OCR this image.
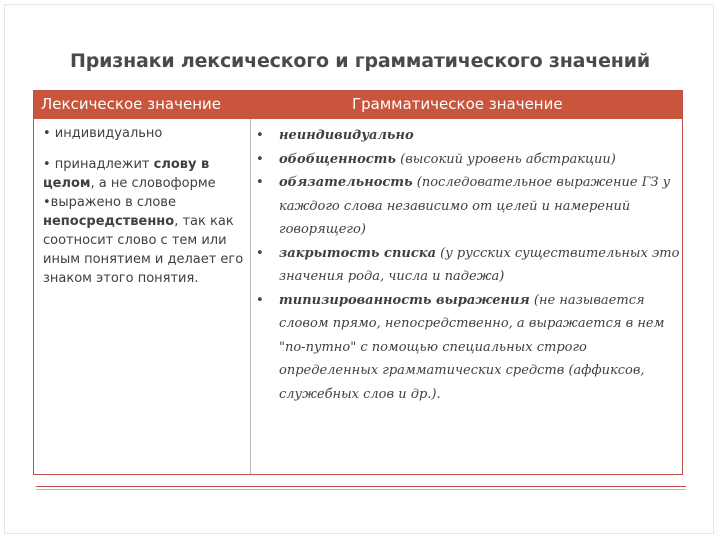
Признаки лексического и грамматического значений
Лексическое значение	Грамматическое значение

• индивидуально

• принадлежит слову в целом, а не словоформе

•выражено в слове непосредственно, так как соотносит слово с тем или иным понятием и делает его знаком этого понятия.

• неиндивидуально
• обобщенность (высокий уровень абстракции)
• обязательность (последовательное выражение ГЗ у каждого слова независимо от целей и намерений говорящего)
• закрытость списка (у русских существительных это значения рода, числа и падежа)
• типизированность выражения (не называется словом прямо, непосредственно, а выражается в нем "по-путно" с помощью специальных строго определенных грамматических средств (аффиксов, служебных слов и др.).
